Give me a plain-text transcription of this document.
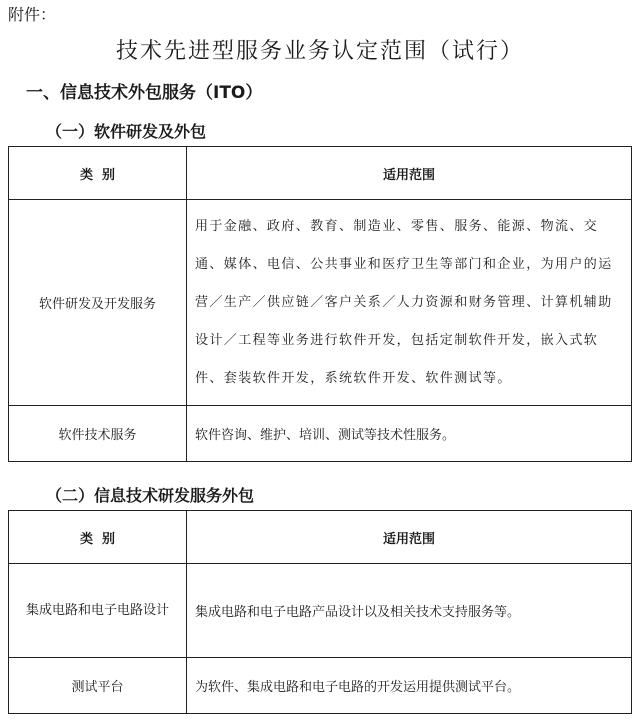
附件：
技术先进型服务业务认定范围（试行）
一、信息技术外包服务（ITO）
（一）软件研发及外包
类  别	适用范围
软件研发及开发服务	用于金融、政府、教育、制造业、零售、服务、能源、物流、交通、媒体、电信、公共事业和医疗卫生等部门和企业，为用户的运营／生产／供应链／客户关系／人力资源和财务管理、计算机辅助设计／工程等业务进行软件开发，包括定制软件开发，嵌入式软件、套装软件开发，系统软件开发、软件测试等。
软件技术服务	软件咨询、维护、培训、测试等技术性服务。
（二）信息技术研发服务外包
类  别	适用范围
集成电路和电子电路设计	集成电路和电子电路产品设计以及相关技术支持服务等。
测试平台	为软件、集成电路和电子电路的开发运用提供测试平台。
